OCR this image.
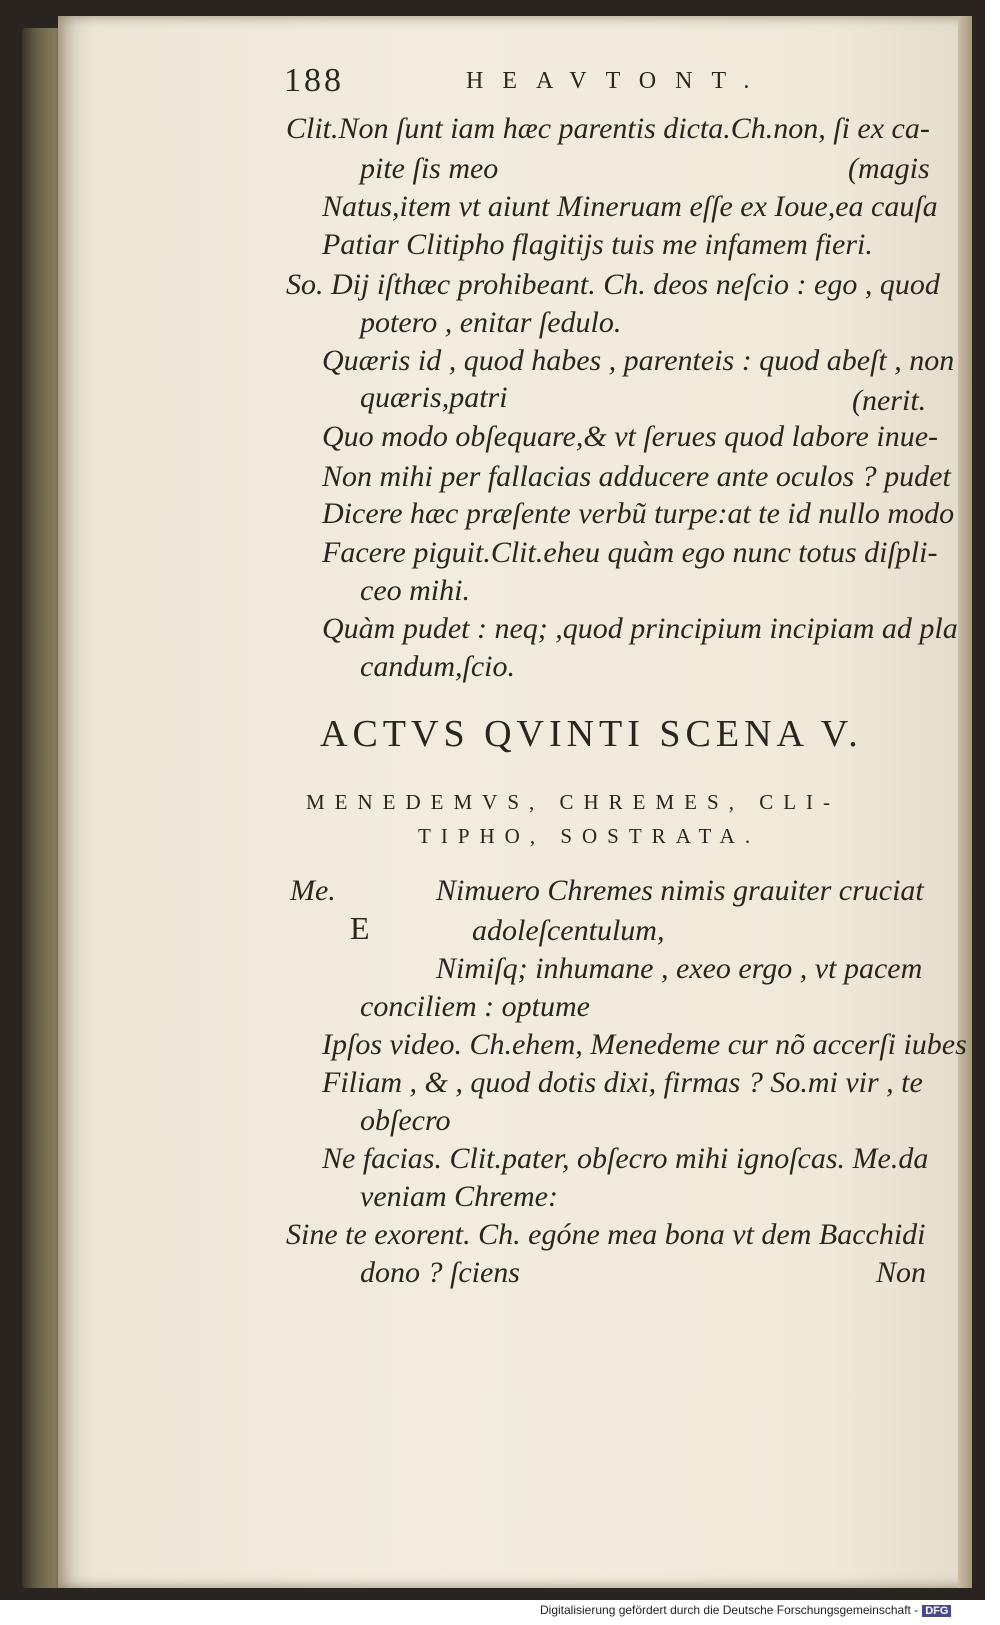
188	HEAVTONT.
Clit.Non ſunt iam hæc parentis dicta.Ch.non, ſi ex ca-
pite ſis meo	(magis
Natus,item vt aiunt Mineruam eſſe ex Ioue,ea cauſa
Patiar Clitipho flagitijs tuis me infamem fieri.
So. Dij iſthæc prohibeant. Ch. deos neſcio : ego , quod
potero , enitar ſedulo.
Quæris id , quod habes , parenteis : quod abeſt , non
quæris,patri	(nerit.
Quo modo obſequare,& vt ſerues quod labore inue-
Non mihi per fallacias adducere ante oculos ? pudet
Dicere hæc præſente verbũ turpe:at te id nullo modo
Facere piguit.Clit.eheu quàm ego nunc totus diſpli-
ceo mihi.
Quàm pudet : neq; ,quod principium incipiam ad pla
candum,ſcio.
ACTVS QVINTI SCENA V.
MENEDEMVS, CHREMES, CLI-
TIPHO, SOSTRATA.
Me.
E
Nimuero Chremes nimis grauiter cruciat
adoleſcentulum,
Nimiſq; inhumane , exeo ergo , vt pacem
conciliem : optume
Ipſos video. Ch.ehem, Menedeme cur nõ accerſi iubes
Filiam , & , quod dotis dixi, firmas ? So.mi vir , te
obſecro
Ne facias. Clit.pater, obſecro mihi ignoſcas. Me.da
veniam Chreme:
Sine te exorent. Ch. egóne mea bona vt dem Bacchidi
dono ? ſciens	Non
Digitalisierung gefördert durch die Deutsche Forschungsgemeinschaft - DFG
